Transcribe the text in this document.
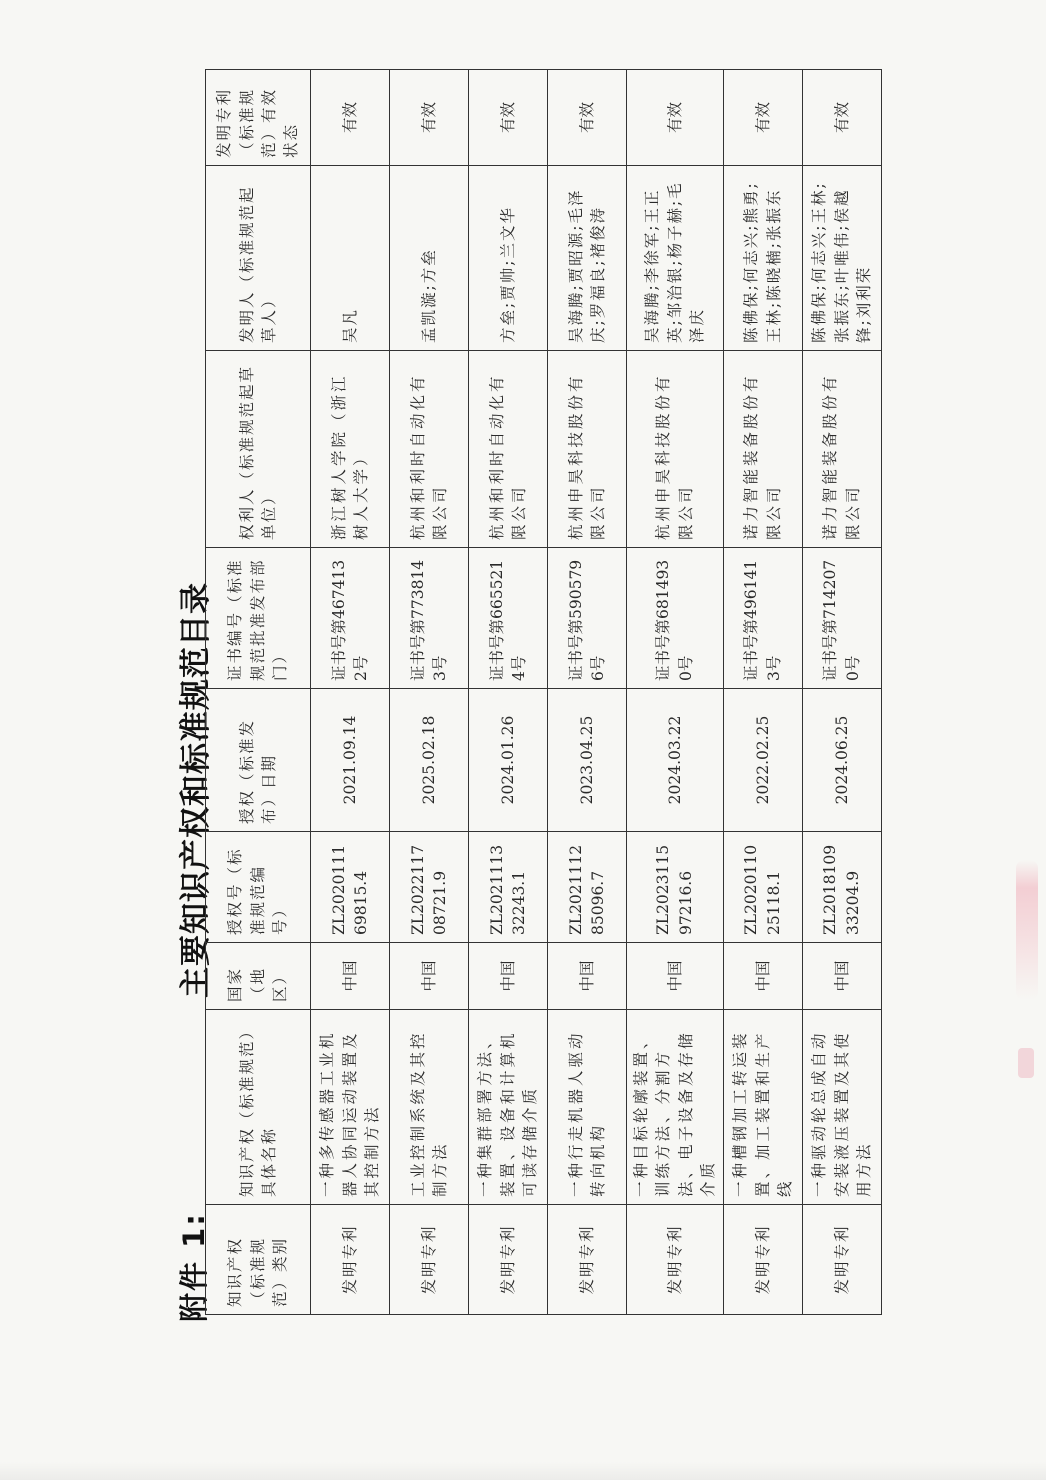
附件 1:
主要知识产权和标准规范目录
知识产权（标准规范）类别	知识产权（标准规范）具体名称	国家（地区）	授权号（标准规范编号）	授权（标准发布）日期	证书编号（标准规范批准发布部门）	权利人（标准规范起草单位）	发明人（标准规范起草人）	发明专利（标准规范）有效状态
发明专利	一种多传感器工业机器人协同运动装置及其控制方法	中国	ZL202011169815.4	2021.09.14	证书号第4674132号	浙江树人学院（浙江树人大学）	吴凡	有效
发明专利	工业控制系统及其控制方法	中国	ZL202211708721.9	2025.02.18	证书号第7738143号	杭州和利时自动化有限公司	孟凯漩;方垒	有效
发明专利	一种集群部署方法、装置、设备和计算机可读存储介质	中国	ZL202111332243.1	2024.01.26	证书号第6655214号	杭州和利时自动化有限公司	方垒;贾帅;兰文华	有效
发明专利	一种行走机器人驱动转向机构	中国	ZL202111285096.7	2023.04.25	证书号第5905796号	杭州申昊科技股份有限公司	吴海腾;贾昭源;毛泽庆;罗福良;褚俊涛	有效
发明专利	一种目标轮廓装置、训练方法、分割方法、电子设备及存储介质	中国	ZL202311597216.6	2024.03.22	证书号第6814930号	杭州申昊科技股份有限公司	吴海腾;李徐军;王正英;邹治银;杨子赫;毛泽庆	有效
发明专利	一种槽钢加工转运装置、加工装置和生产线	中国	ZL202011025118.1	2022.02.25	证书号第4961413号	诺力智能装备股份有限公司	陈佛保;何志兴;熊勇;王林;陈晓楠;张振东	有效
发明专利	一种驱动轮总成自动安装液压装置及其使用方法	中国	ZL201810933204.9	2024.06.25	证书号第7142070号	诺力智能装备股份有限公司	陈佛保;何志兴;王林;张振东;叶唯伟;侯越锋;刘利荣	有效
